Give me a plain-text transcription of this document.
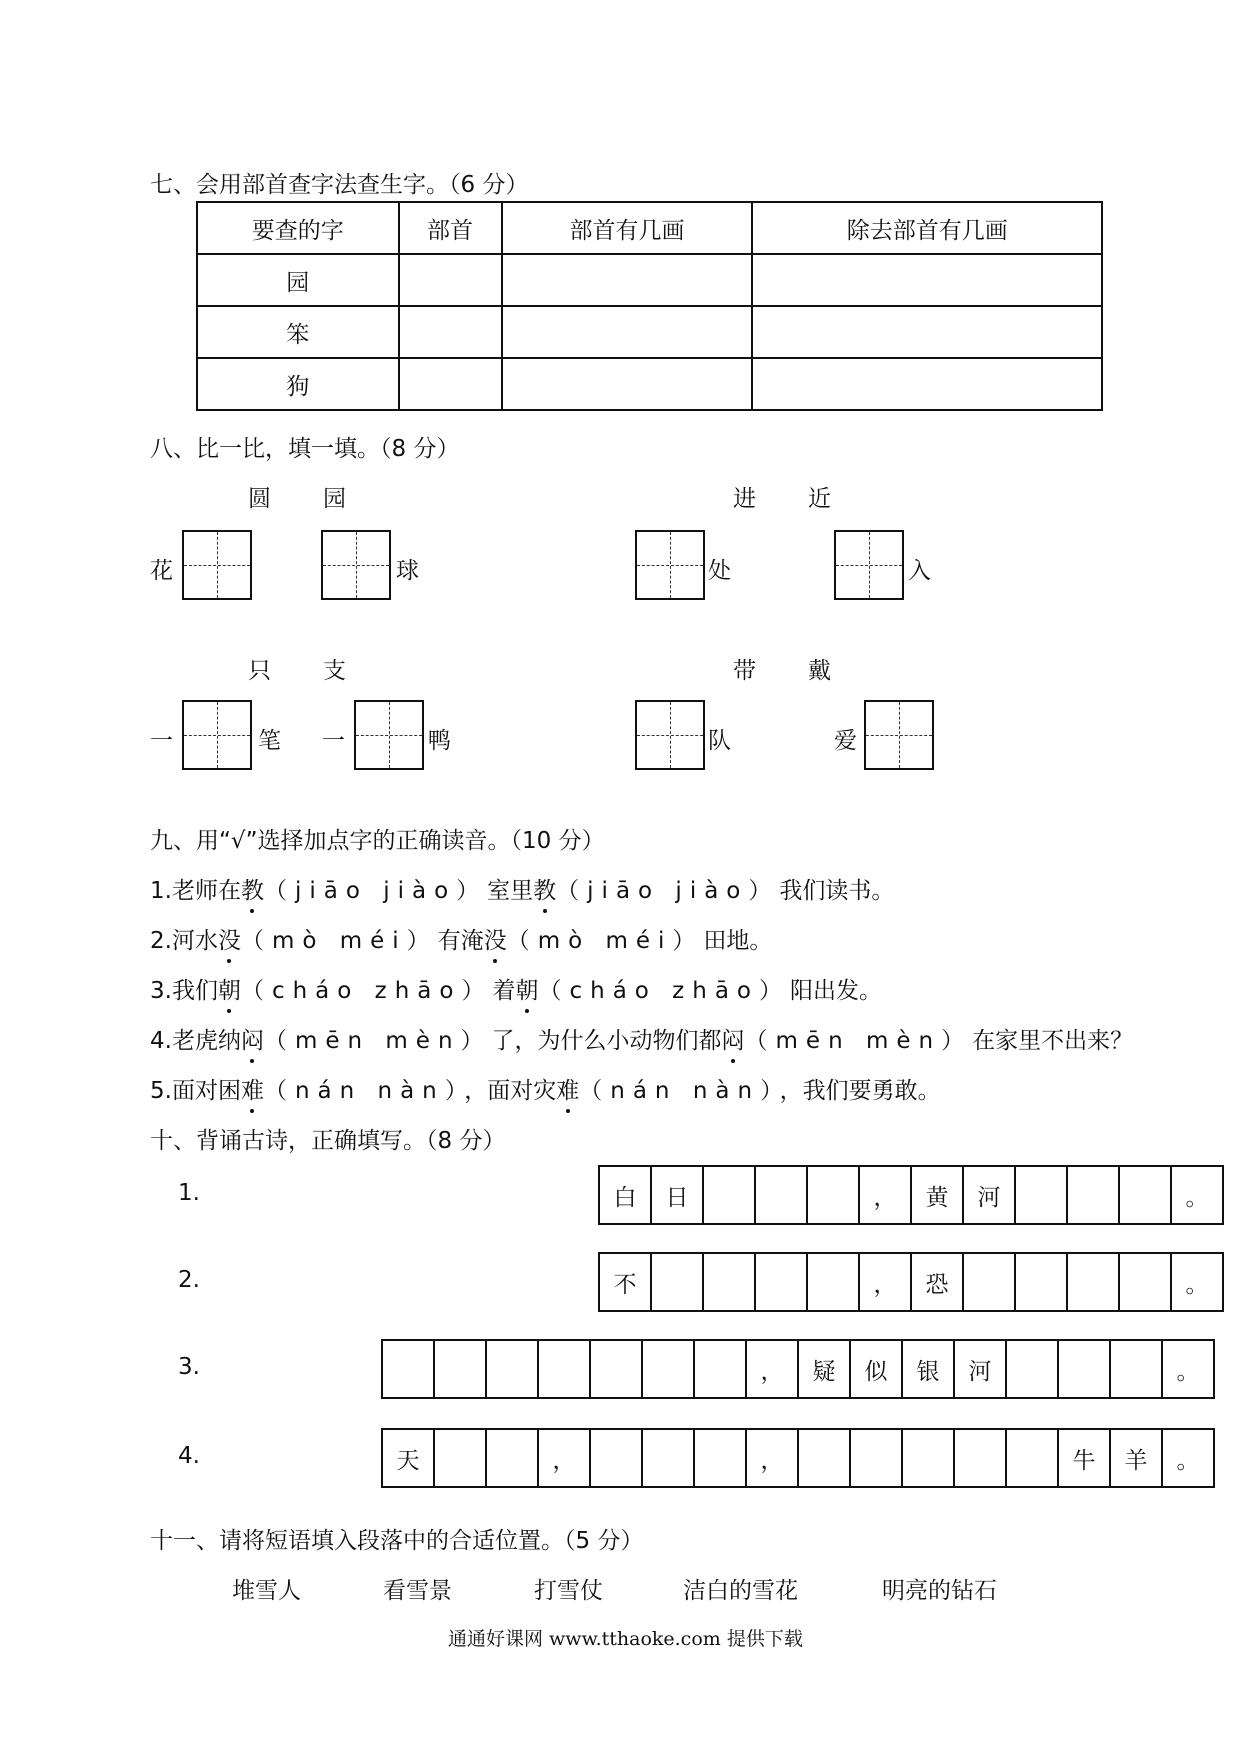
七、会用部首查字法查生字。（6 分）
要查的字	部首	部首有几画	除去部首有几画
园			
笨			
狗			
八、比一比，填一填。（8 分）
圆 园	进 近
花	球	处	入
只 支	带 戴
一	笔 一	鸭	队	爱
九、用“√”选择加点字的正确读音。（10 分）
1.老师在教（jiāo jiào）室里教（jiāo jiào）我们读书。
2.河水没（mò méi）有淹没（mò méi）田地。
3.我们朝（cháo zhāo）着朝（cháo zhāo）阳出发。
4.老虎纳闷（mēn mèn）了，为什么小动物们都闷（mēn mèn）在家里不出来？
5.面对困难（nán nàn），面对灾难（nán nàn），我们要勇敢。
十、背诵古诗，正确填写。（8 分）
1.	白	日	，	黄	河	。
2.	不	，	恐	。
3.	，	疑	似	银	河	。
4.	天	，	，	牛	羊	。
十一、请将短语填入段落中的合适位置。（5 分）
堆雪人	看雪景	打雪仗	洁白的雪花	明亮的钻石
通通好课网 www.tthaoke.com 提供下载
